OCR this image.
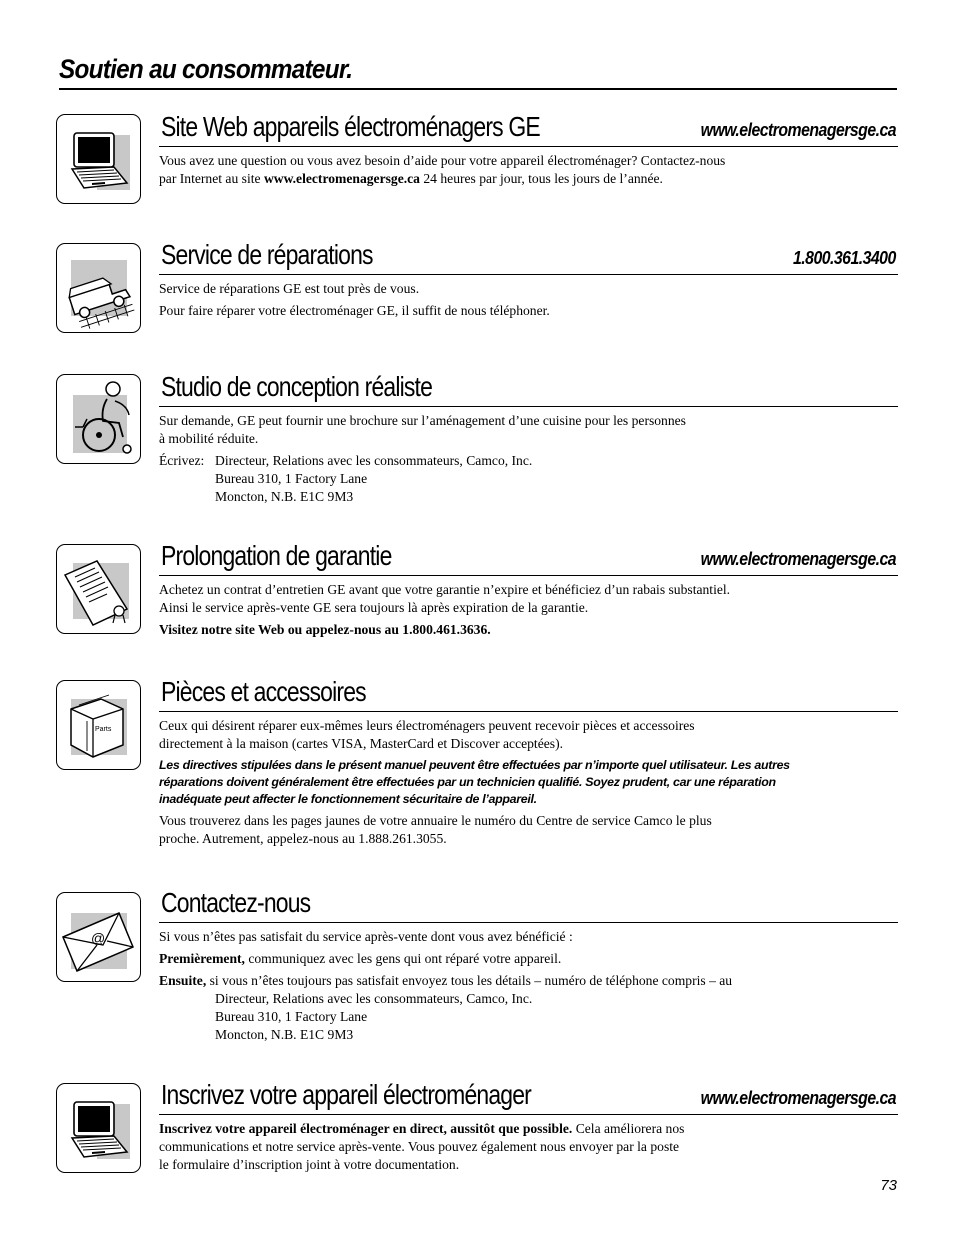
Soutien au consommateur.
Site Web appareils électroménagers GE	www.electromenagersge.ca

Vous avez une question ou vous avez besoin d’aide pour votre appareil électroménager? Contactez-nous
par Internet au site www.electromenagersge.ca 24 heures par jour, tous les jours de l’année.

Service de réparations	1.800.361.3400

Service de réparations GE est tout près de vous.

Pour faire réparer votre électroménager GE, il suffit de nous téléphoner.

Studio de conception réaliste

Sur demande, GE peut fournir une brochure sur l’aménagement d’une cuisine pour les personnes
à mobilité réduite.

Écrivez: Directeur, Relations avec les consommateurs, Camco, Inc.
Bureau 310, 1 Factory Lane
Moncton, N.B. E1C 9M3

Prolongation de garantie	www.electromenagersge.ca

Achetez un contrat d’entretien GE avant que votre garantie n’expire et bénéficiez d’un rabais substantiel.
Ainsi le service après-vente GE sera toujours là après expiration de la garantie.

Visitez notre site Web ou appelez-nous au 1.800.461.3636.

Parts
Pièces et accessoires

Ceux qui désirent réparer eux-mêmes leurs électroménagers peuvent recevoir pièces et accessoires
directement à la maison (cartes VISA, MasterCard et Discover acceptées).

Les directives stipulées dans le présent manuel peuvent être effectuées par n’importe quel utilisateur. Les autres
réparations doivent généralement être effectuées par un technicien qualifié. Soyez prudent, car une réparation
inadéquate peut affecter le fonctionnement sécuritaire de l’appareil.

Vous trouverez dans les pages jaunes de votre annuaire le numéro du Centre de service Camco le plus
proche. Autrement, appelez-nous au 1.888.261.3055.

@
Contactez-nous

Si vous n’êtes pas satisfait du service après-vente dont vous avez bénéficié :

Premièrement, communiquez avec les gens qui ont réparé votre appareil.

Ensuite, si vous n’êtes toujours pas satisfait envoyez tous les détails – numéro de téléphone compris – au

Directeur, Relations avec les consommateurs, Camco, Inc.
Bureau 310, 1 Factory Lane
Moncton, N.B. E1C 9M3

Inscrivez votre appareil électroménager	www.electromenagersge.ca

Inscrivez votre appareil électroménager en direct, aussitôt que possible. Cela améliorera nos
communications et notre service après-vente. Vous pouvez également nous envoyer par la poste
le formulaire d’inscription joint à votre documentation.

73
